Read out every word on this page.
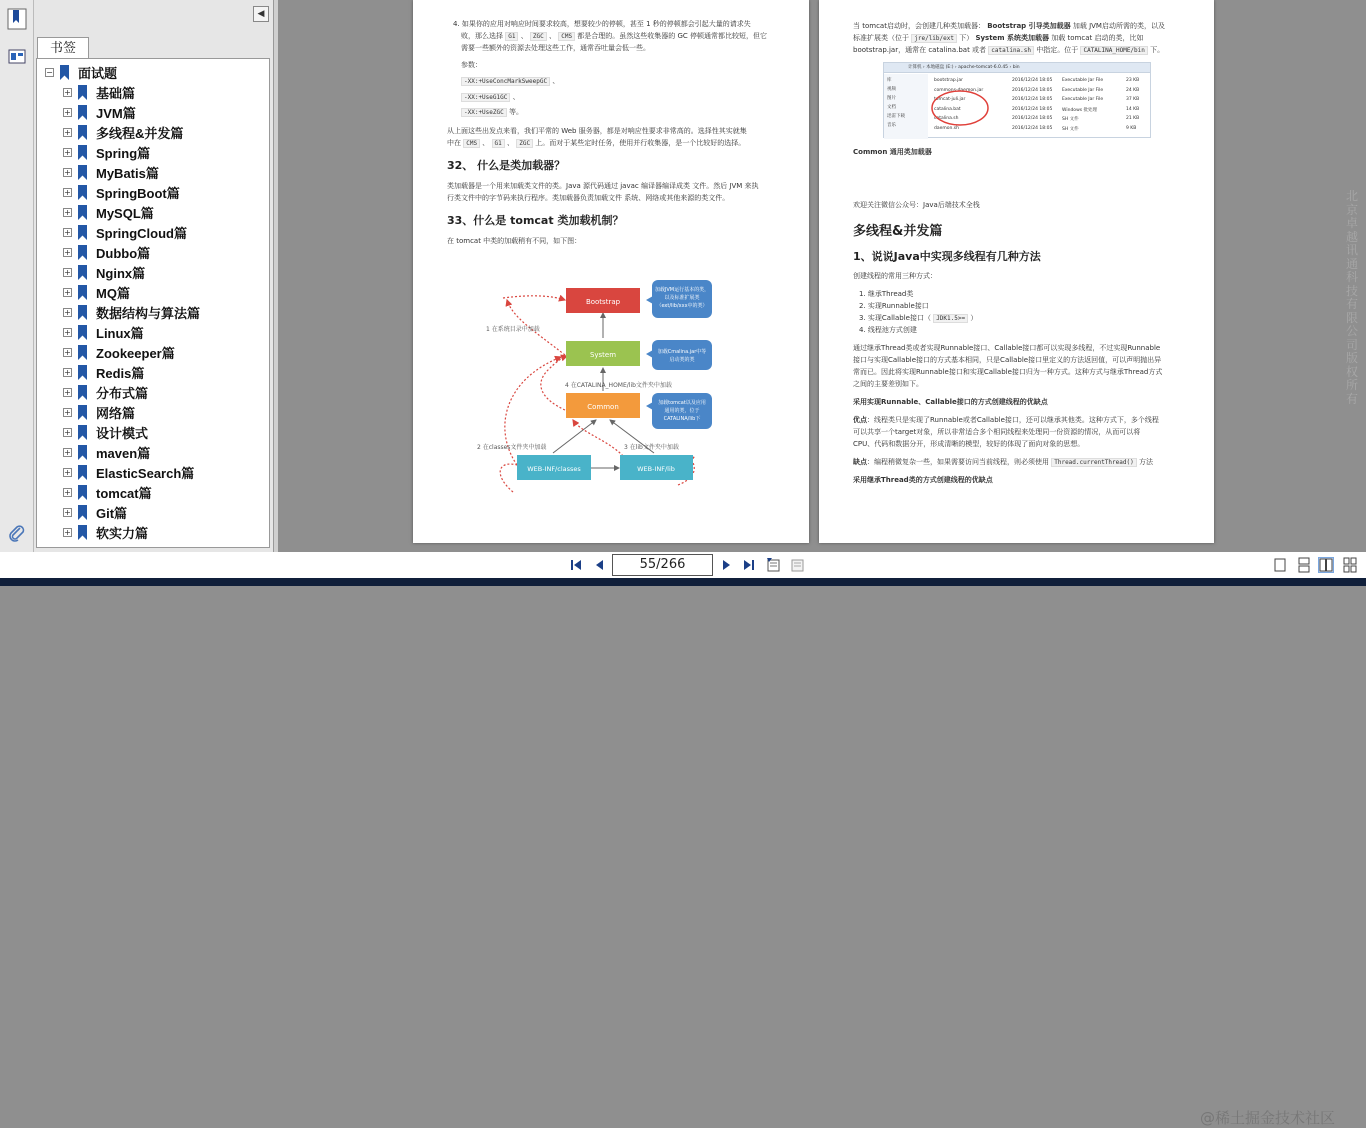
◀
书签
− 面试题
+ 基础篇
+ JVM篇
+ 多线程&并发篇
+ Spring篇
+ MyBatis篇
+ SpringBoot篇
+ MySQL篇
+ SpringCloud篇
+ Dubbo篇
+ Nginx篇
+ MQ篇
+ 数据结构与算法篇
+ Linux篇
+ Zookeeper篇
+ Redis篇
+ 分布式篇
+ 网络篇
+ 设计模式
+ maven篇
+ ElasticSearch篇
+ tomcat篇
+ Git篇
+ 软实力篇
4. 如果你的应用对响应时间要求较高，想要较少的停顿，甚至 1 秒的停顿都会引起大量的请求失
败，那么选择 G1 、 ZGC 、 CMS 都是合理的。虽然这些收集器的 GC 停顿通常都比较短，但它
需要一些额外的资源去处理这些工作，通常吞吐量会低一些。
参数：
-XX:+UseConcMarkSweepGC 、
-XX:+UseG1GC 、
-XX:+UseZGC 等。
从上面这些出发点来看，我们平常的 Web 服务器，都是对响应性要求非常高的。选择性其实就集
中在 CMS 、 G1 、 ZGC 上。而对于某些定时任务，使用并行收集器，是一个比较好的选择。
32、 什么是类加载器？
类加载器是一个用来加载类文件的类。Java 源代码通过 javac 编译器编译成类 文件。然后 JVM 来执
行类文件中的字节码来执行程序。类加载器负责加载文件 系统、网络或其他来源的类文件。
33、什么是 tomcat 类加载机制？
在 tomcat 中类的加载稍有不同，如下图：
Bootstrap
System
Common
WEB-INF/classes	WEB-INF/lib
1 在系统目录中加载
4 在CATALINA_HOME/lib文件夹中加载
2 在classes文件夹中加载	3 在lib文件夹中加载
加载JVM运行基本的类，
以及标准扩展类
（ext/lib/xxx中的类）
加载Cmalina.jar中等
启动类的类
加载tomcat以及应用
通用的类，位于
CATALINA/lib下
当 tomcat启动时，会创建几种类加载器： Bootstrap 引导类加载器 加载 JVM启动所需的类，以及
标准扩展类（位于 jre/lib/ext 下） System 系统类加载器 加载 tomcat 启动的类，比如
bootstrap.jar，通常在 catalina.bat 或者 catalina.sh 中指定。位于 CATALINA_HOME/bin 下。
计算机 › 本地磁盘 (E:) › apache-tomcat-6.0.45 › bin
库
视频
图片
文档
迅雷下载
音乐
bootstrap.jar	2016/12/24 18:05 Executable Jar File	23 KB
commons-daemon.jar	2016/12/24 18:05 Executable Jar File	24 KB
tomcat-juli.jar	2016/12/24 18:05 Executable Jar File	37 KB
catalina.bat	2016/12/24 18:05 Windows 批处理	14 KB
catalina.sh	2016/12/24 18:05 SH 文件	21 KB
daemon.sh	2016/12/24 18:05 SH 文件	9 KB
Common 通用类加载器
欢迎关注微信公众号：Java后端技术全栈
多线程&并发篇
1、说说Java中实现多线程有几种方法
创建线程的常用三种方式：
1. 继承Thread类
2. 实现Runnable接口
3. 实现Callable接口（ JDK1.5>= ）
4. 线程池方式创建
通过继承Thread类或者实现Runnable接口、Callable接口都可以实现多线程，不过实现Runnable
接口与实现Callable接口的方式基本相同，只是Callable接口里定义的方法返回值，可以声明抛出异
常而已。因此将实现Runnable接口和实现Callable接口归为一种方式。这种方式与继承Thread方式
之间的主要差别如下。
采用实现Runnable、Callable接口的方式创建线程的优缺点
优点：线程类只是实现了Runnable或者Callable接口，还可以继承其他类。这种方式下，多个线程
可以共享一个target对象，所以非常适合多个相同线程来处理同一份资源的情况，从而可以将
CPU、代码和数据分开，形成清晰的模型，较好的体现了面向对象的思想。
缺点：编程稍微复杂一些，如果需要访问当前线程，则必须使用 Thread.currentThread() 方法
采用继承Thread类的方式创建线程的优缺点
北京卓越讯通科技有限公司版权所有
55/266
@稀土掘金技术社区
